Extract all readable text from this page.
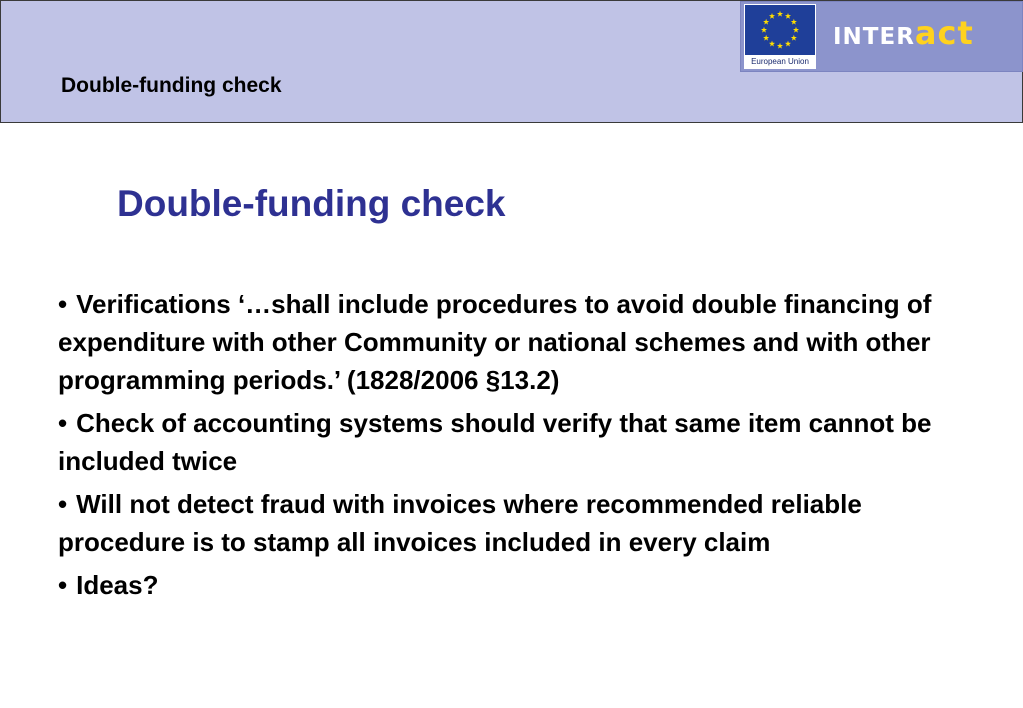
Double-funding check
European Union
INTERact
Double-funding check
• Verifications ‘…shall include procedures to avoid double financing of expenditure with other Community or national schemes and with other programming periods.’ (1828/2006 §13.2)
• Check of accounting systems should verify that same item cannot be included twice
• Will not detect fraud with invoices where recommended reliable procedure is to stamp all invoices included in every claim
• Ideas?
